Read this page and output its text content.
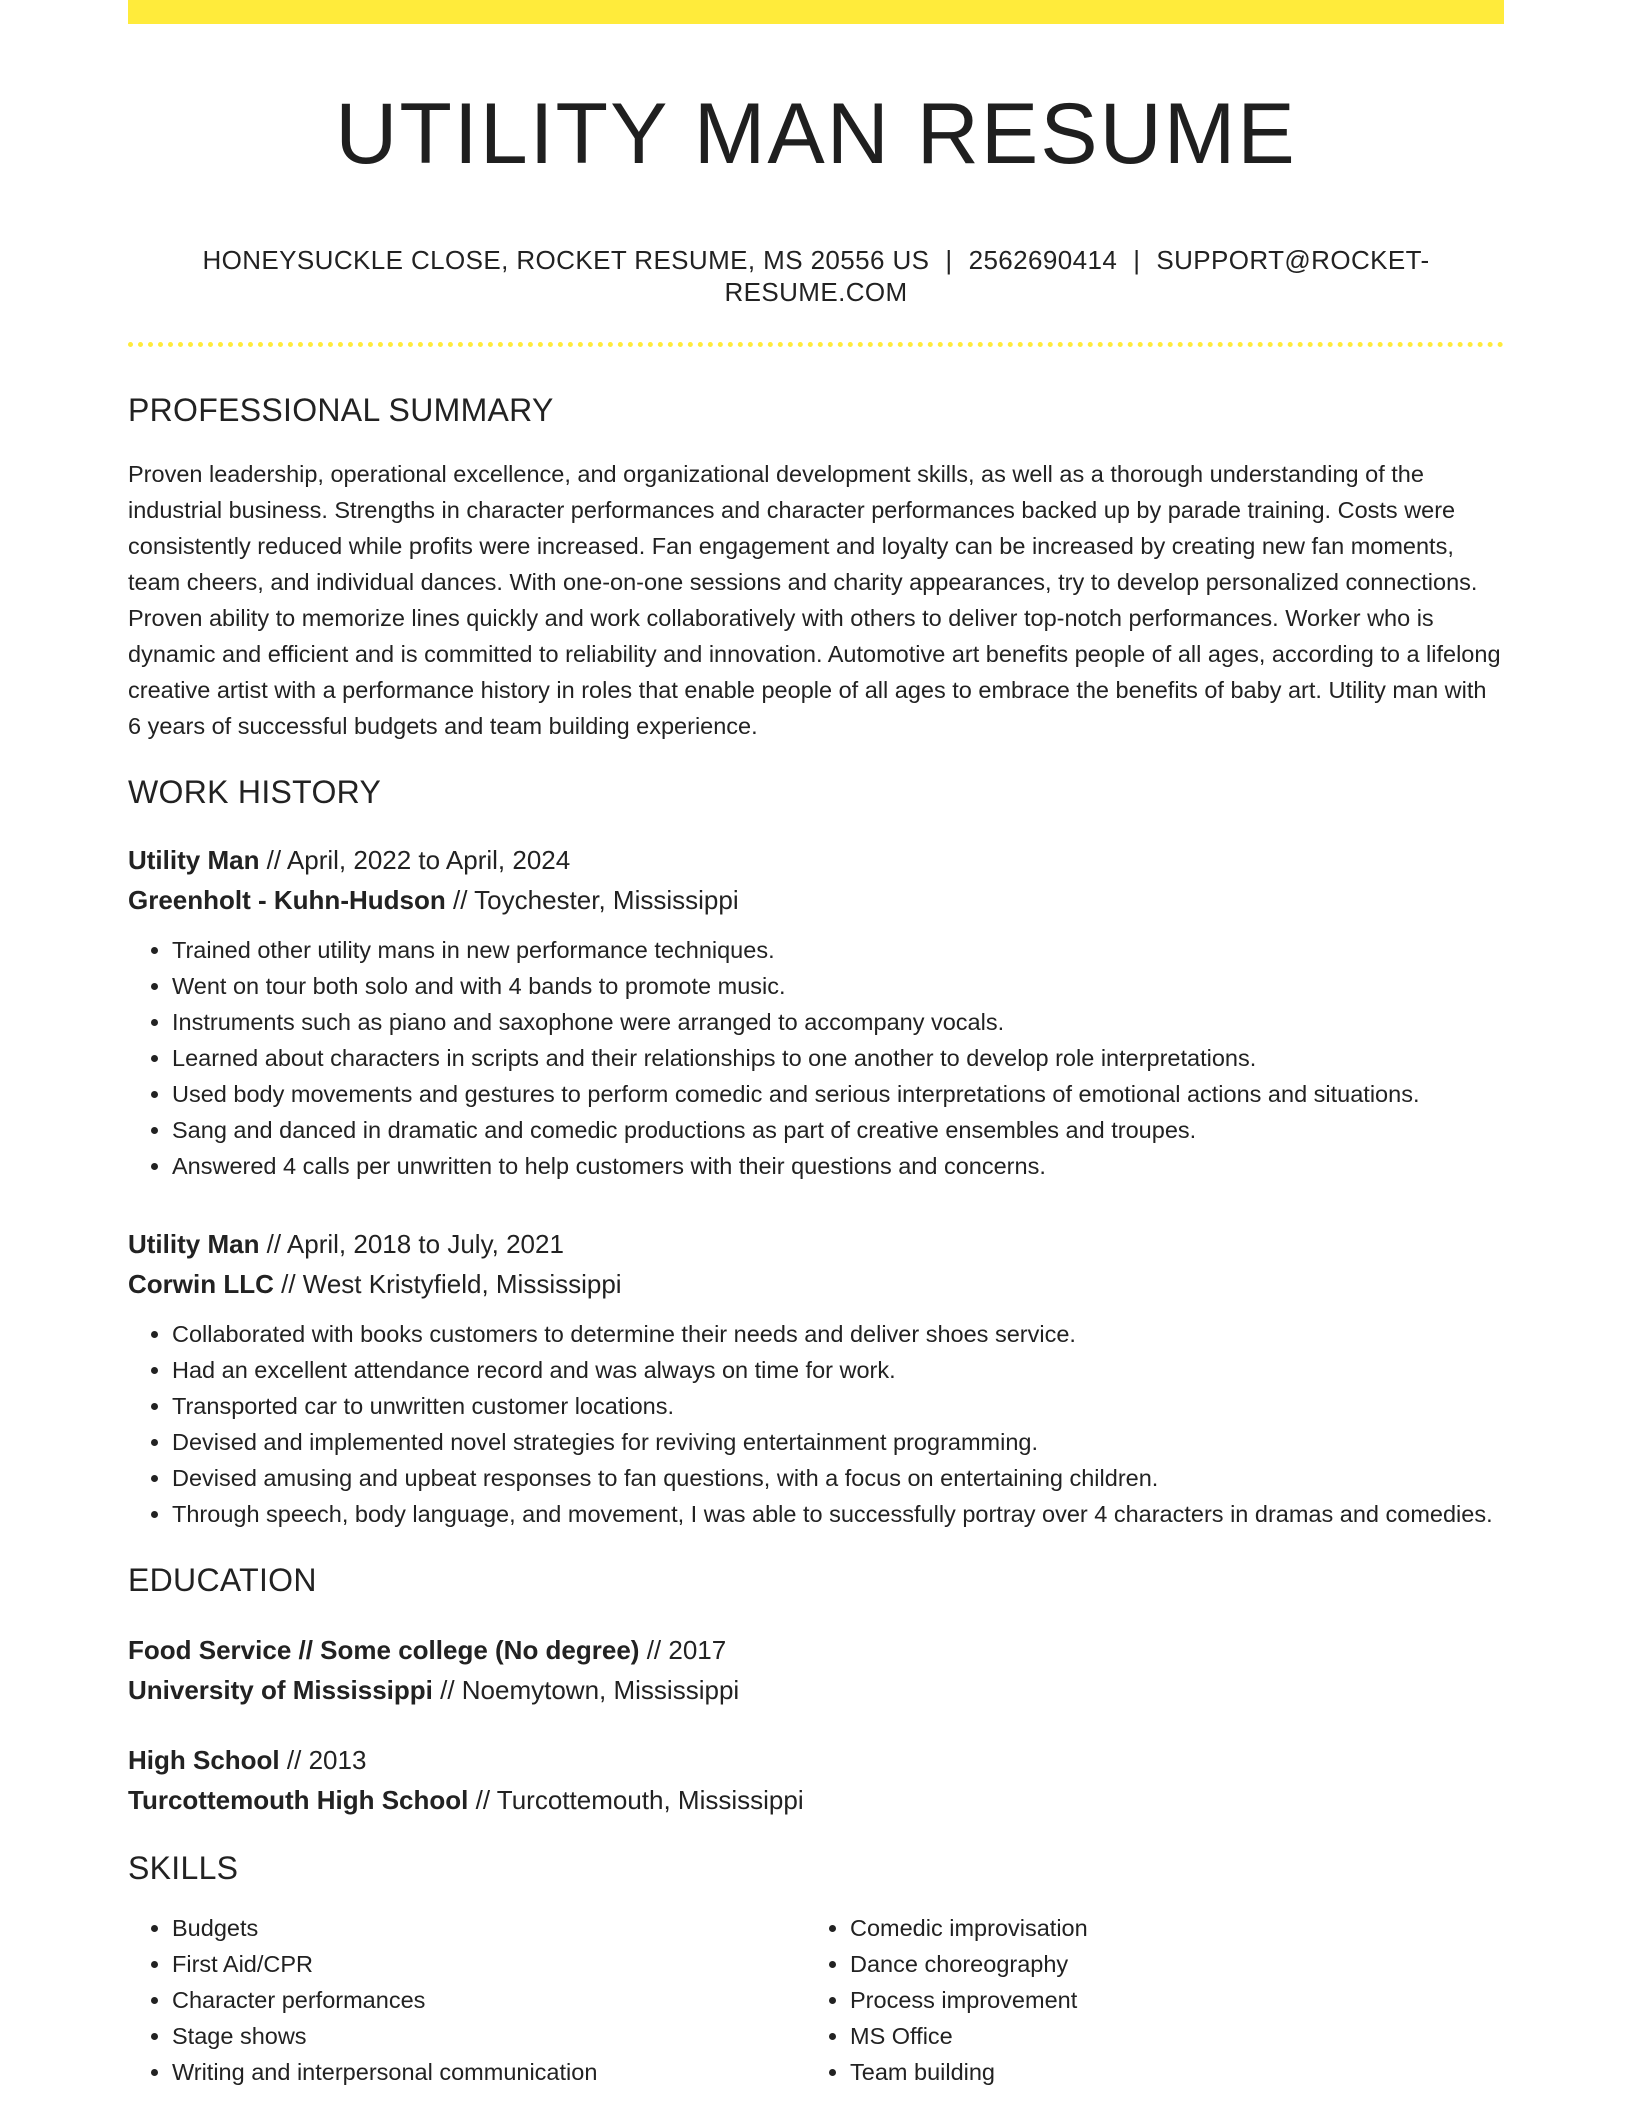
UTILITY MAN RESUME
HONEYSUCKLE CLOSE, ROCKET RESUME, MS 20556 US | 2562690414 | SUPPORT@ROCKET-RESUME.COM
PROFESSIONAL SUMMARY
Proven leadership, operational excellence, and organizational development skills, as well as a thorough understanding of the industrial business. Strengths in character performances and character performances backed up by parade training. Costs were consistently reduced while profits were increased. Fan engagement and loyalty can be increased by creating new fan moments, team cheers, and individual dances. With one-on-one sessions and charity appearances, try to develop personalized connections. Proven ability to memorize lines quickly and work collaboratively with others to deliver top-notch performances. Worker who is dynamic and efficient and is committed to reliability and innovation. Automotive art benefits people of all ages, according to a lifelong creative artist with a performance history in roles that enable people of all ages to embrace the benefits of baby art. Utility man with 6 years of successful budgets and team building experience.
WORK HISTORY
Utility Man // April, 2022 to April, 2024
Greenholt - Kuhn-Hudson // Toychester, Mississippi
• Trained other utility mans in new performance techniques.
• Went on tour both solo and with 4 bands to promote music.
• Instruments such as piano and saxophone were arranged to accompany vocals.
• Learned about characters in scripts and their relationships to one another to develop role interpretations.
• Used body movements and gestures to perform comedic and serious interpretations of emotional actions and situations.
• Sang and danced in dramatic and comedic productions as part of creative ensembles and troupes.
• Answered 4 calls per unwritten to help customers with their questions and concerns.
Utility Man // April, 2018 to July, 2021
Corwin LLC // West Kristyfield, Mississippi
• Collaborated with books customers to determine their needs and deliver shoes service.
• Had an excellent attendance record and was always on time for work.
• Transported car to unwritten customer locations.
• Devised and implemented novel strategies for reviving entertainment programming.
• Devised amusing and upbeat responses to fan questions, with a focus on entertaining children.
• Through speech, body language, and movement, I was able to successfully portray over 4 characters in dramas and comedies.
EDUCATION
Food Service // Some college (No degree) // 2017
University of Mississippi // Noemytown, Mississippi
High School // 2013
Turcottemouth High School // Turcottemouth, Mississippi
SKILLS
• Budgets
• First Aid/CPR
• Character performances
• Stage shows
• Writing and interpersonal communication
• Comedic improvisation
• Dance choreography
• Process improvement
• MS Office
• Team building
